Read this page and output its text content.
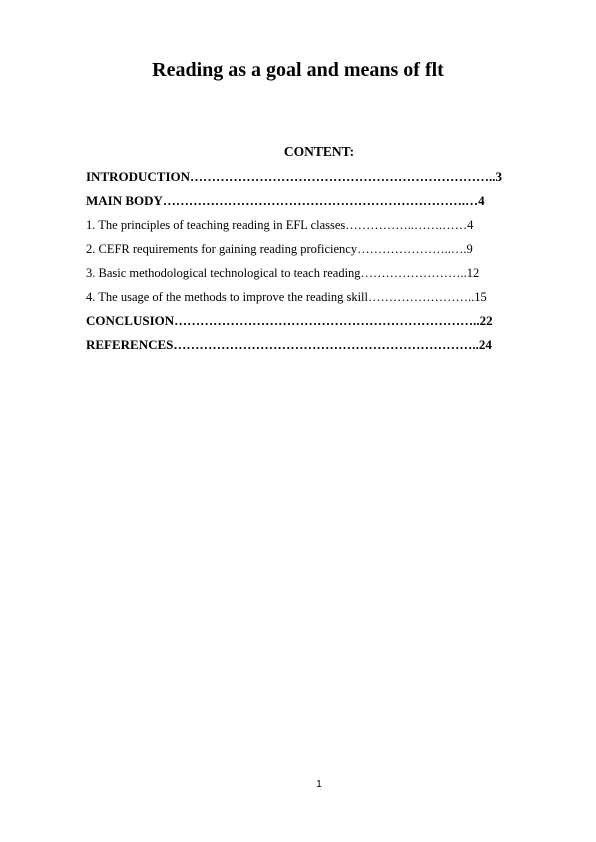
Reading as a goal and means of flt
CONTENT:
INTRODUCTION……………………………………………………………..3
MAIN BODY…………………………………………………………….…4
1. The principles of teaching reading in EFL classes……………..…….……4
2. CEFR requirements for gaining reading proficiency…………………..….9
3. Basic methodological technological to teach reading……………………..12
4. The usage of the methods to improve the reading skill……………………..15
CONCLUSION……………………………………………………………..22
REFERENCES……………………………………………………………..24
1
